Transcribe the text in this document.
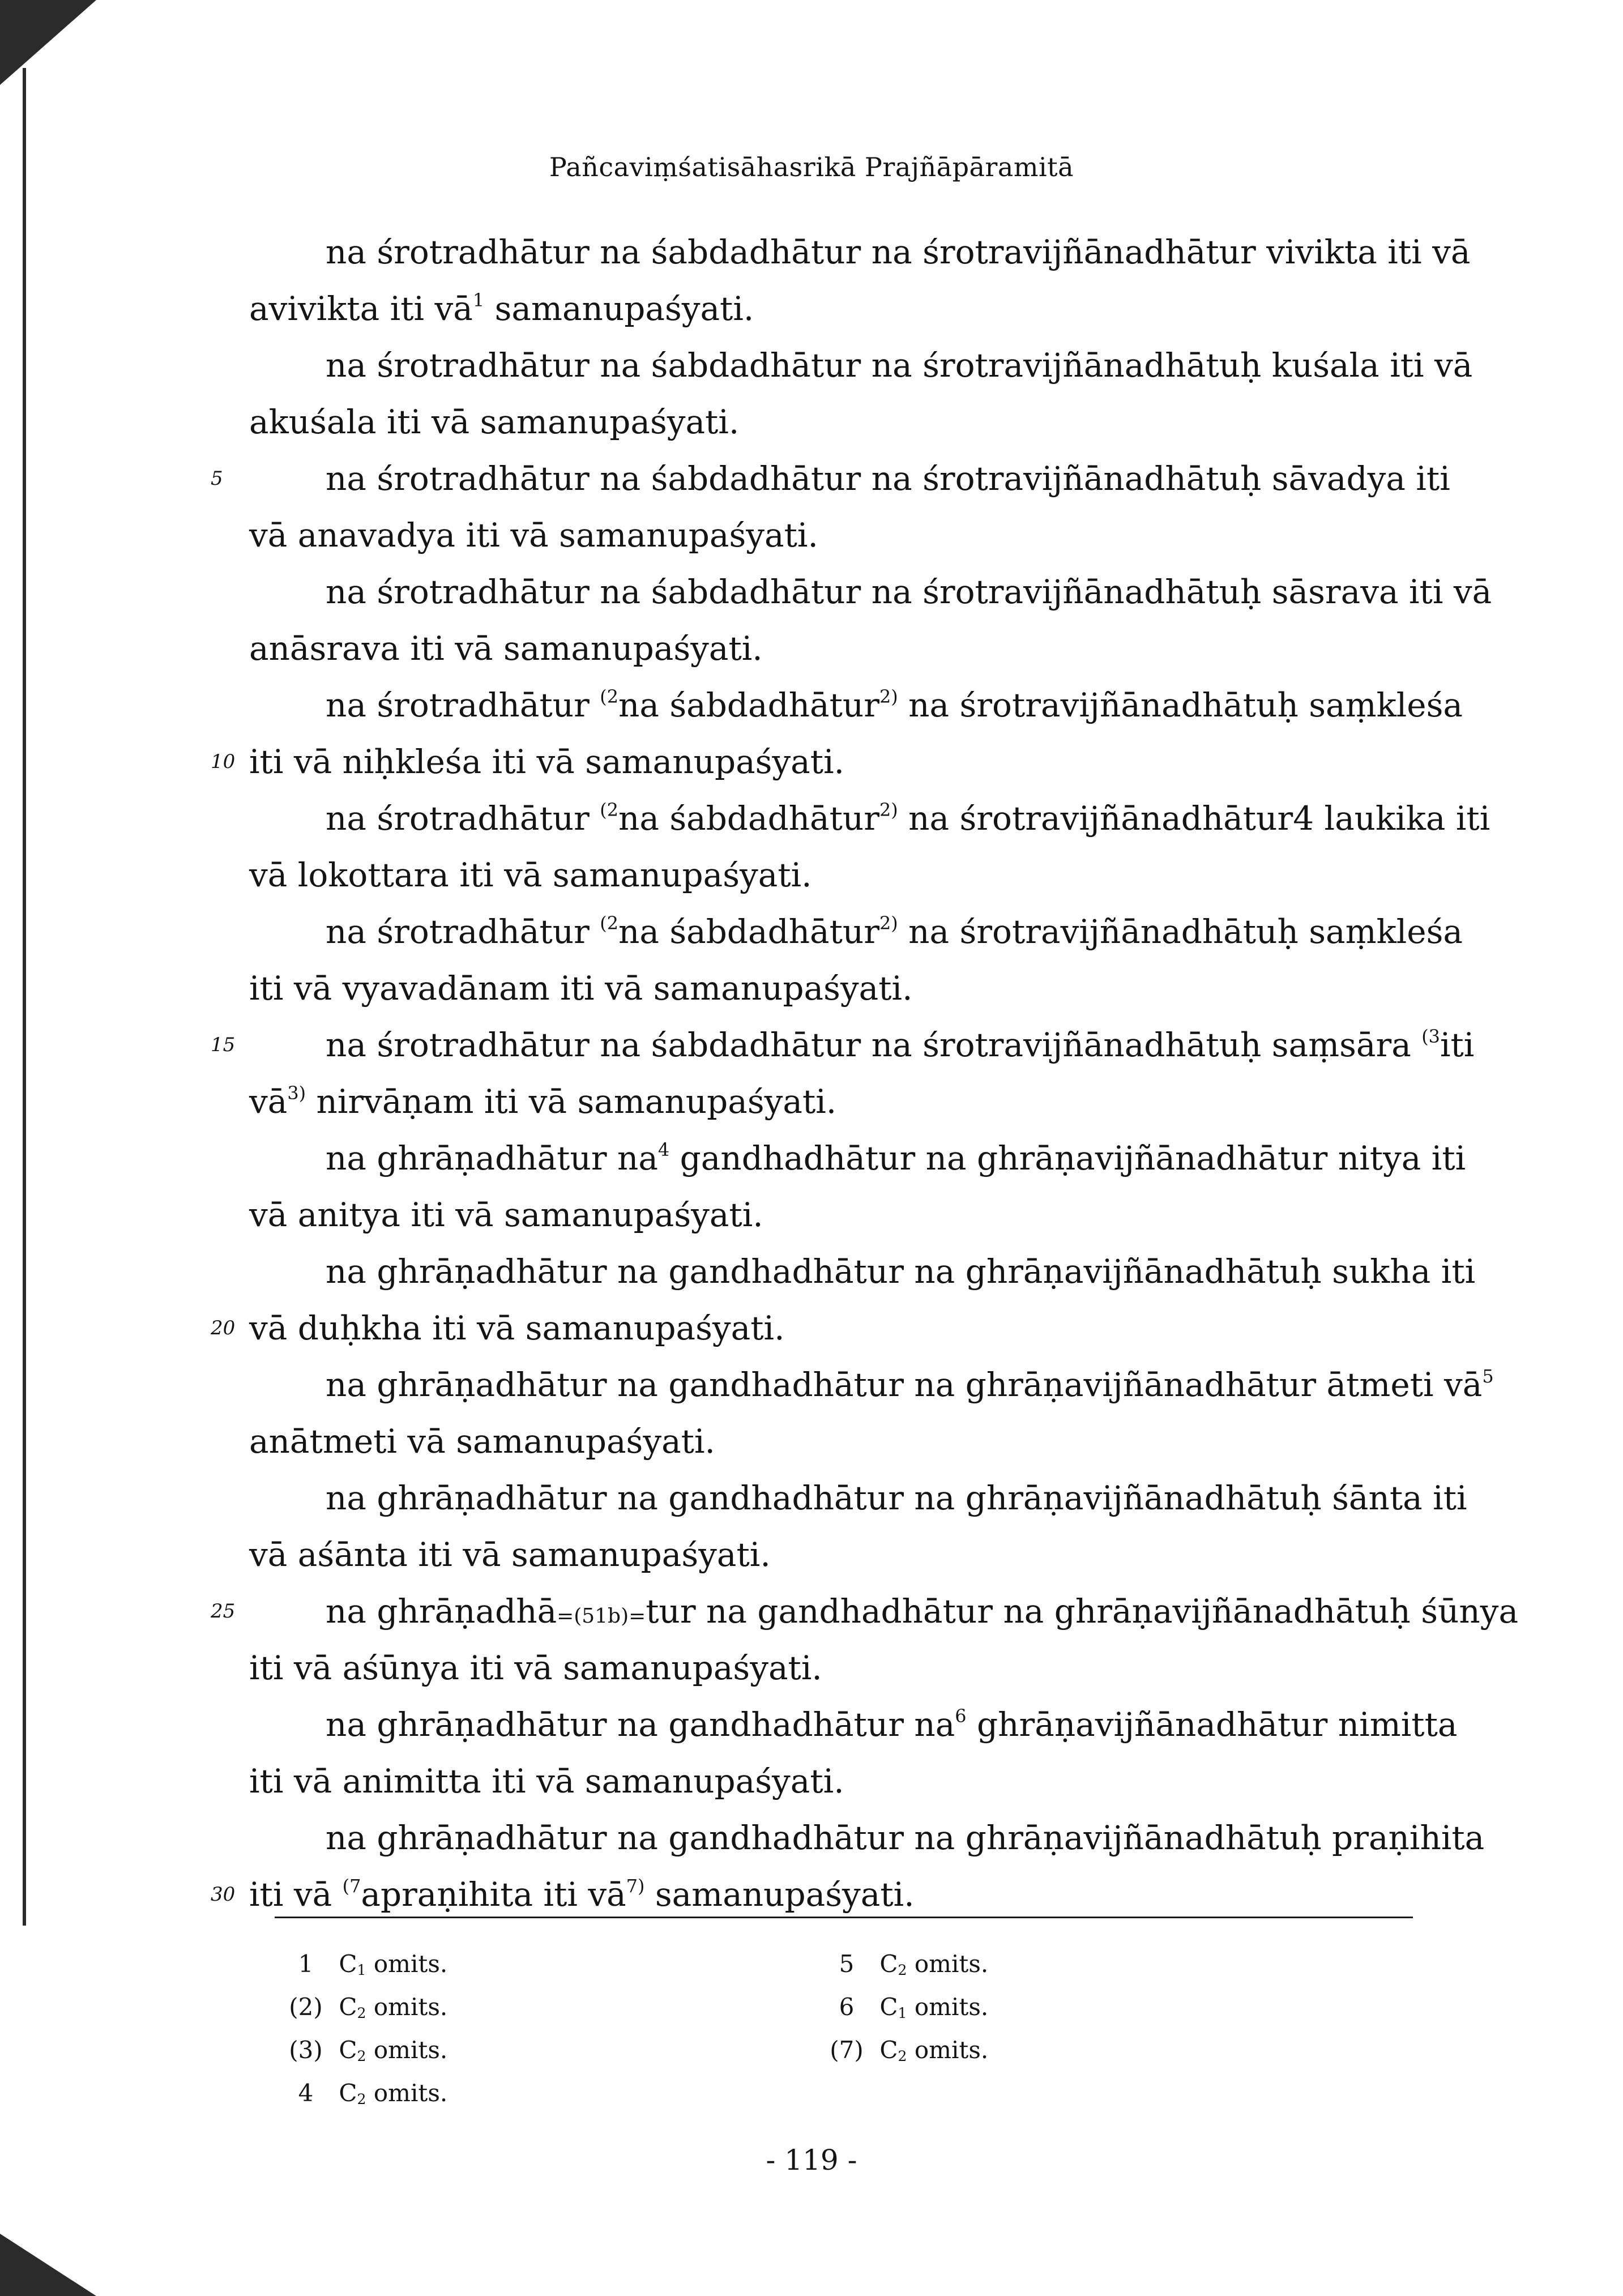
Pañcaviṃśatisāhasrikā Prajñāpāramitā
na śrotradhātur na śabdadhātur na śrotravijñānadhātur vivikta iti vā
avivikta iti $vā^1$ samanupaśyati.
na śrotradhātur na śabdadhātur na śrotravijñānadhātuḥ kuśala iti vā
akuśala iti vā samanupaśyati.
5	na śrotradhātur na śabdadhātur na śrotravijñānadhātuḥ sāvadya iti
vā anavadya iti vā samanupaśyati.
na śrotradhātur na śabdadhātur na śrotravijñānadhātuḥ sāsrava iti vā
anāsrava iti vā samanupaśyati.
na śrotradhātur $^{(2}$na śabdadhātur$^{2)}$ na śrotravijñānadhātuḥ saṃkleśa
10 iti vā niḥkleśa iti vā samanupaśyati.
na śrotradhātur $^{(2}$na śabdadhātur$^{2)}$ na śrotravijñānadhātur4 laukika iti
vā lokottara iti vā samanupaśyati.
na śrotradhātur $^{(2}$na śabdadhātur$^{2)}$ na śrotravijñānadhātuḥ saṃkleśa
iti vā vyavadānam iti vā samanupaśyati.
15	na śrotradhātur na śabdadhātur na śrotravijñānadhātuḥ saṃsāra $^{(3}$iti
$vā^{3)}$ nirvāṇam iti vā samanupaśyati.
na ghrāṇadhātur $na^4$ gandhadhātur na ghrāṇavijñānadhātur nitya iti
vā anitya iti vā samanupaśyati.
na ghrāṇadhātur na gandhadhātur na ghrāṇavijñānadhātuḥ sukha iti
20 vā duḥkha iti vā samanupaśyati.
na ghrāṇadhātur na gandhadhātur na ghrāṇavijñānadhātur ātmeti $vā^5$
anātmeti vā samanupaśyati.
na ghrāṇadhātur na gandhadhātur na ghrāṇavijñānadhātuḥ śānta iti
vā aśānta iti vā samanupaśyati.
25	na ghrāṇadhā=(51b)=tur na gandhadhātur na ghrāṇavijñānadhātuḥ śūnya
iti vā aśūnya iti vā samanupaśyati.
na ghrāṇadhātur na gandhadhātur $na^6$ ghrāṇavijñānadhātur nimitta
iti vā animitta iti vā samanupaśyati.
na ghrāṇadhātur na gandhadhātur na ghrāṇavijñānadhātuḥ praṇihita
30 iti vā $^{(7}$apraṇihita iti $vā^{7)}$ samanupaśyati.
1 $C_1$ omits.
(2) $C_2$ omits.
(3) $C_2$ omits.
4 $C_2$ omits.
5 $C_2$ omits.
6 $C_1$ omits.
(7) $C_2$ omits.
- 119 -
